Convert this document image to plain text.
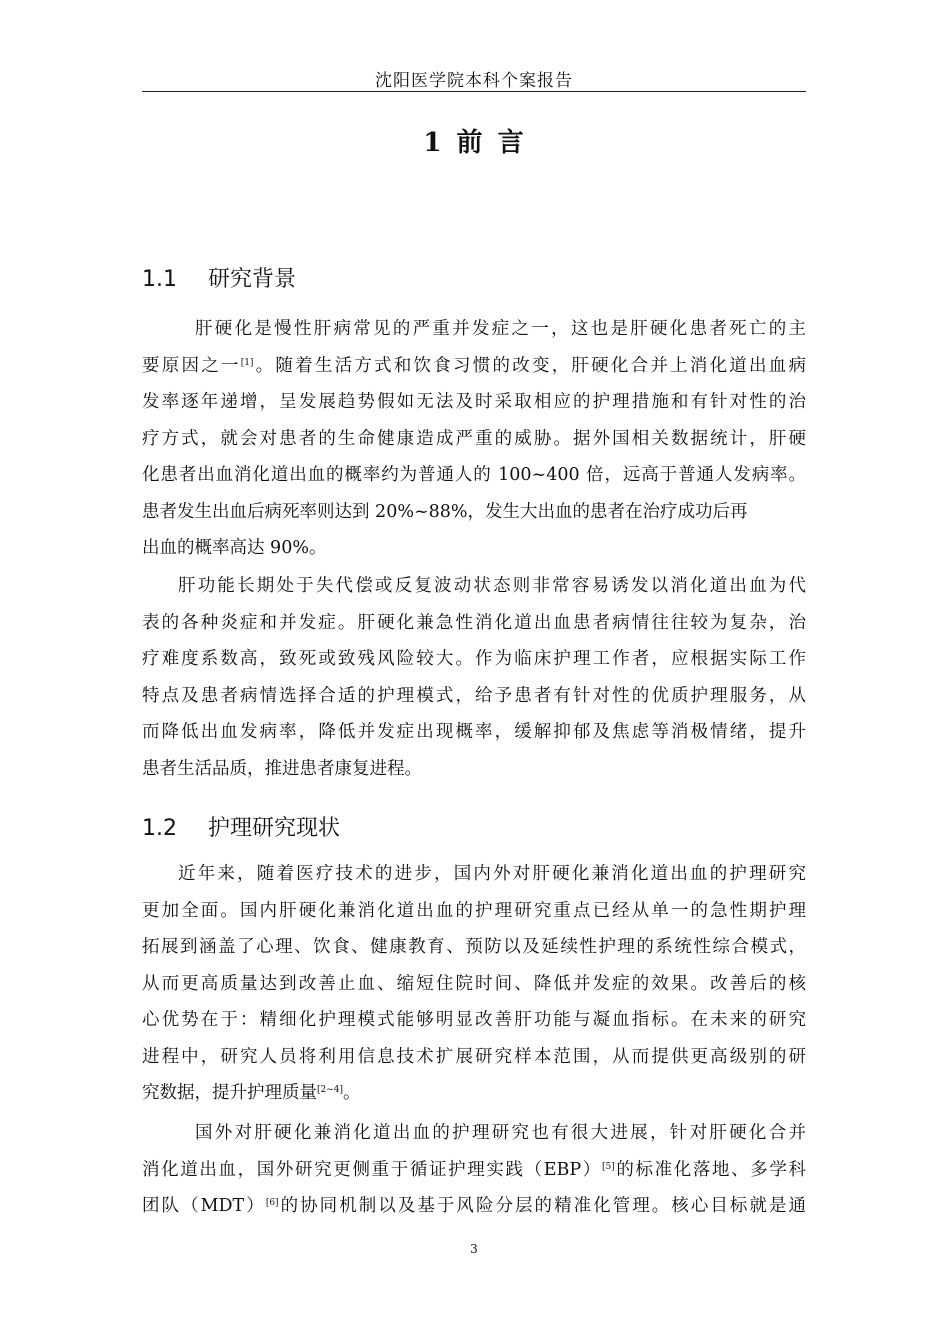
沈阳医学院本科个案报告
1 前 言
1.1 研究背景
肝硬化是慢性肝病常见的严重并发症之一，这也是肝硬化患者死亡的主
要原因之一[1]。随着生活方式和饮食习惯的改变，肝硬化合并上消化道出血病
发率逐年递增，呈发展趋势假如无法及时采取相应的护理措施和有针对性的治
疗方式，就会对患者的生命健康造成严重的威胁。据外国相关数据统计，肝硬
化患者出血消化道出血的概率约为普通人的 100~400 倍，远高于普通人发病率。
患者发生出血后病死率则达到 20%~88%，发生大出血的患者在治疗成功后再
出血的概率高达 90%。
肝功能长期处于失代偿或反复波动状态则非常容易诱发以消化道出血为代
表的各种炎症和并发症。肝硬化兼急性消化道出血患者病情往往较为复杂，治
疗难度系数高，致死或致残风险较大。作为临床护理工作者，应根据实际工作
特点及患者病情选择合适的护理模式，给予患者有针对性的优质护理服务，从
而降低出血发病率，降低并发症出现概率，缓解抑郁及焦虑等消极情绪，提升
患者生活品质，推进患者康复进程。
1.2 护理研究现状
近年来，随着医疗技术的进步，国内外对肝硬化兼消化道出血的护理研究
更加全面。国内肝硬化兼消化道出血的护理研究重点已经从单一的急性期护理
拓展到涵盖了心理、饮食、健康教育、预防以及延续性护理的系统性综合模式，
从而更高质量达到改善止血、缩短住院时间、降低并发症的效果。改善后的核
心优势在于：精细化护理模式能够明显改善肝功能与凝血指标。在未来的研究
进程中，研究人员将利用信息技术扩展研究样本范围，从而提供更高级别的研
究数据，提升护理质量[2~4]。
国外对肝硬化兼消化道出血的护理研究也有很大进展，针对肝硬化合并
消化道出血，国外研究更侧重于循证护理实践（EBP）[5]的标准化落地、多学科
团队（MDT）[6]的协同机制以及基于风险分层的精准化管理。核心目标就是通
3
